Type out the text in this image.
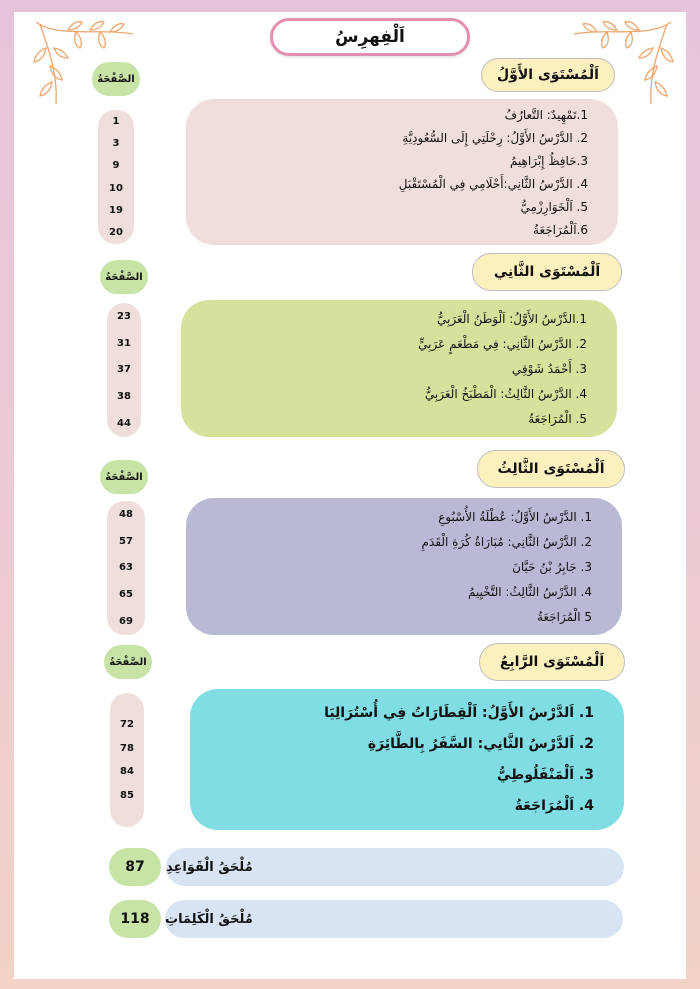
اَلْفِهرِسُ
اَلْمُسْتَوَى الأَوَّلُ
الصَّفْحَةُ
1
3
9
10
19
20
1.تَمْهِيدٌ: التَّعارُفُ
2. الدَّرْسُ الأَوَّلُ: رِحْلَتِي إِلَى السُّعُودِيَّةِ
3.حَافِظُ إِبْرَاهِيمُ
4. الدَّرْسُ الثَّانِي:أَحْلَامِي فِي الْمُسْتَقْبَلِ
5. اَلْخَوَارِزْمِيُّ
6.اَلْمُرَاجَعَةُ
اَلْمُسْتَوَى الثَّانِي
الصَّفْحَةُ
23
31
37
38
44
1.الدَّرْسُ الأَوَّلُ: اَلْوَطَنُ الْعَرَبِيُّ
2. الدَّرْسُ الثَّانِي: فِي مَطْعَمٍ عَرَبِيٍّ
3. أَحْمَدُ شَوْقِي
4. الدَّرْسُ الثَّالِثُ: الْمَطْبَخُ الْعَرَبِيُّ
5. الْمُرَاجَعَةُ
اَلْمُسْتَوَى الثَّالِثُ
الصَّفْحَةُ
48
57
63
65
69
1. الدَّرْسُ الأَوَّلُ: عُطْلَةُ الأُسْبُوعِ
2. الدَّرْسُ الثَّانِي: مُبَارَاةُ كُرَةِ الْقَدَمِ
3. جَابِرُ بْنُ حَيَّانَ
4. الدَّرْسُ الثَّالِثُ: التَّخْيِيمُ
5 الْمُرَاجَعَةُ
اَلْمُسْتَوَى الرَّابِعُ
الصَّفْحَةُ
72
78
84
85
1. اَلدَّرْسُ الأَوَّلُ: اَلْقِطَارَاتُ فِي أُسْتُرَالِيَا
2. اَلدَّرْسُ الثَّانِي: السَّفَرُ بِالطَّائِرَةِ
3. اَلْمَنْفَلُوطِيُّ
4. اَلْمُرَاجَعَةُ
87	مُلْحَقُ الْقَوَاعِدِ
118	مُلْحَقُ الْكَلِمَاتِ
